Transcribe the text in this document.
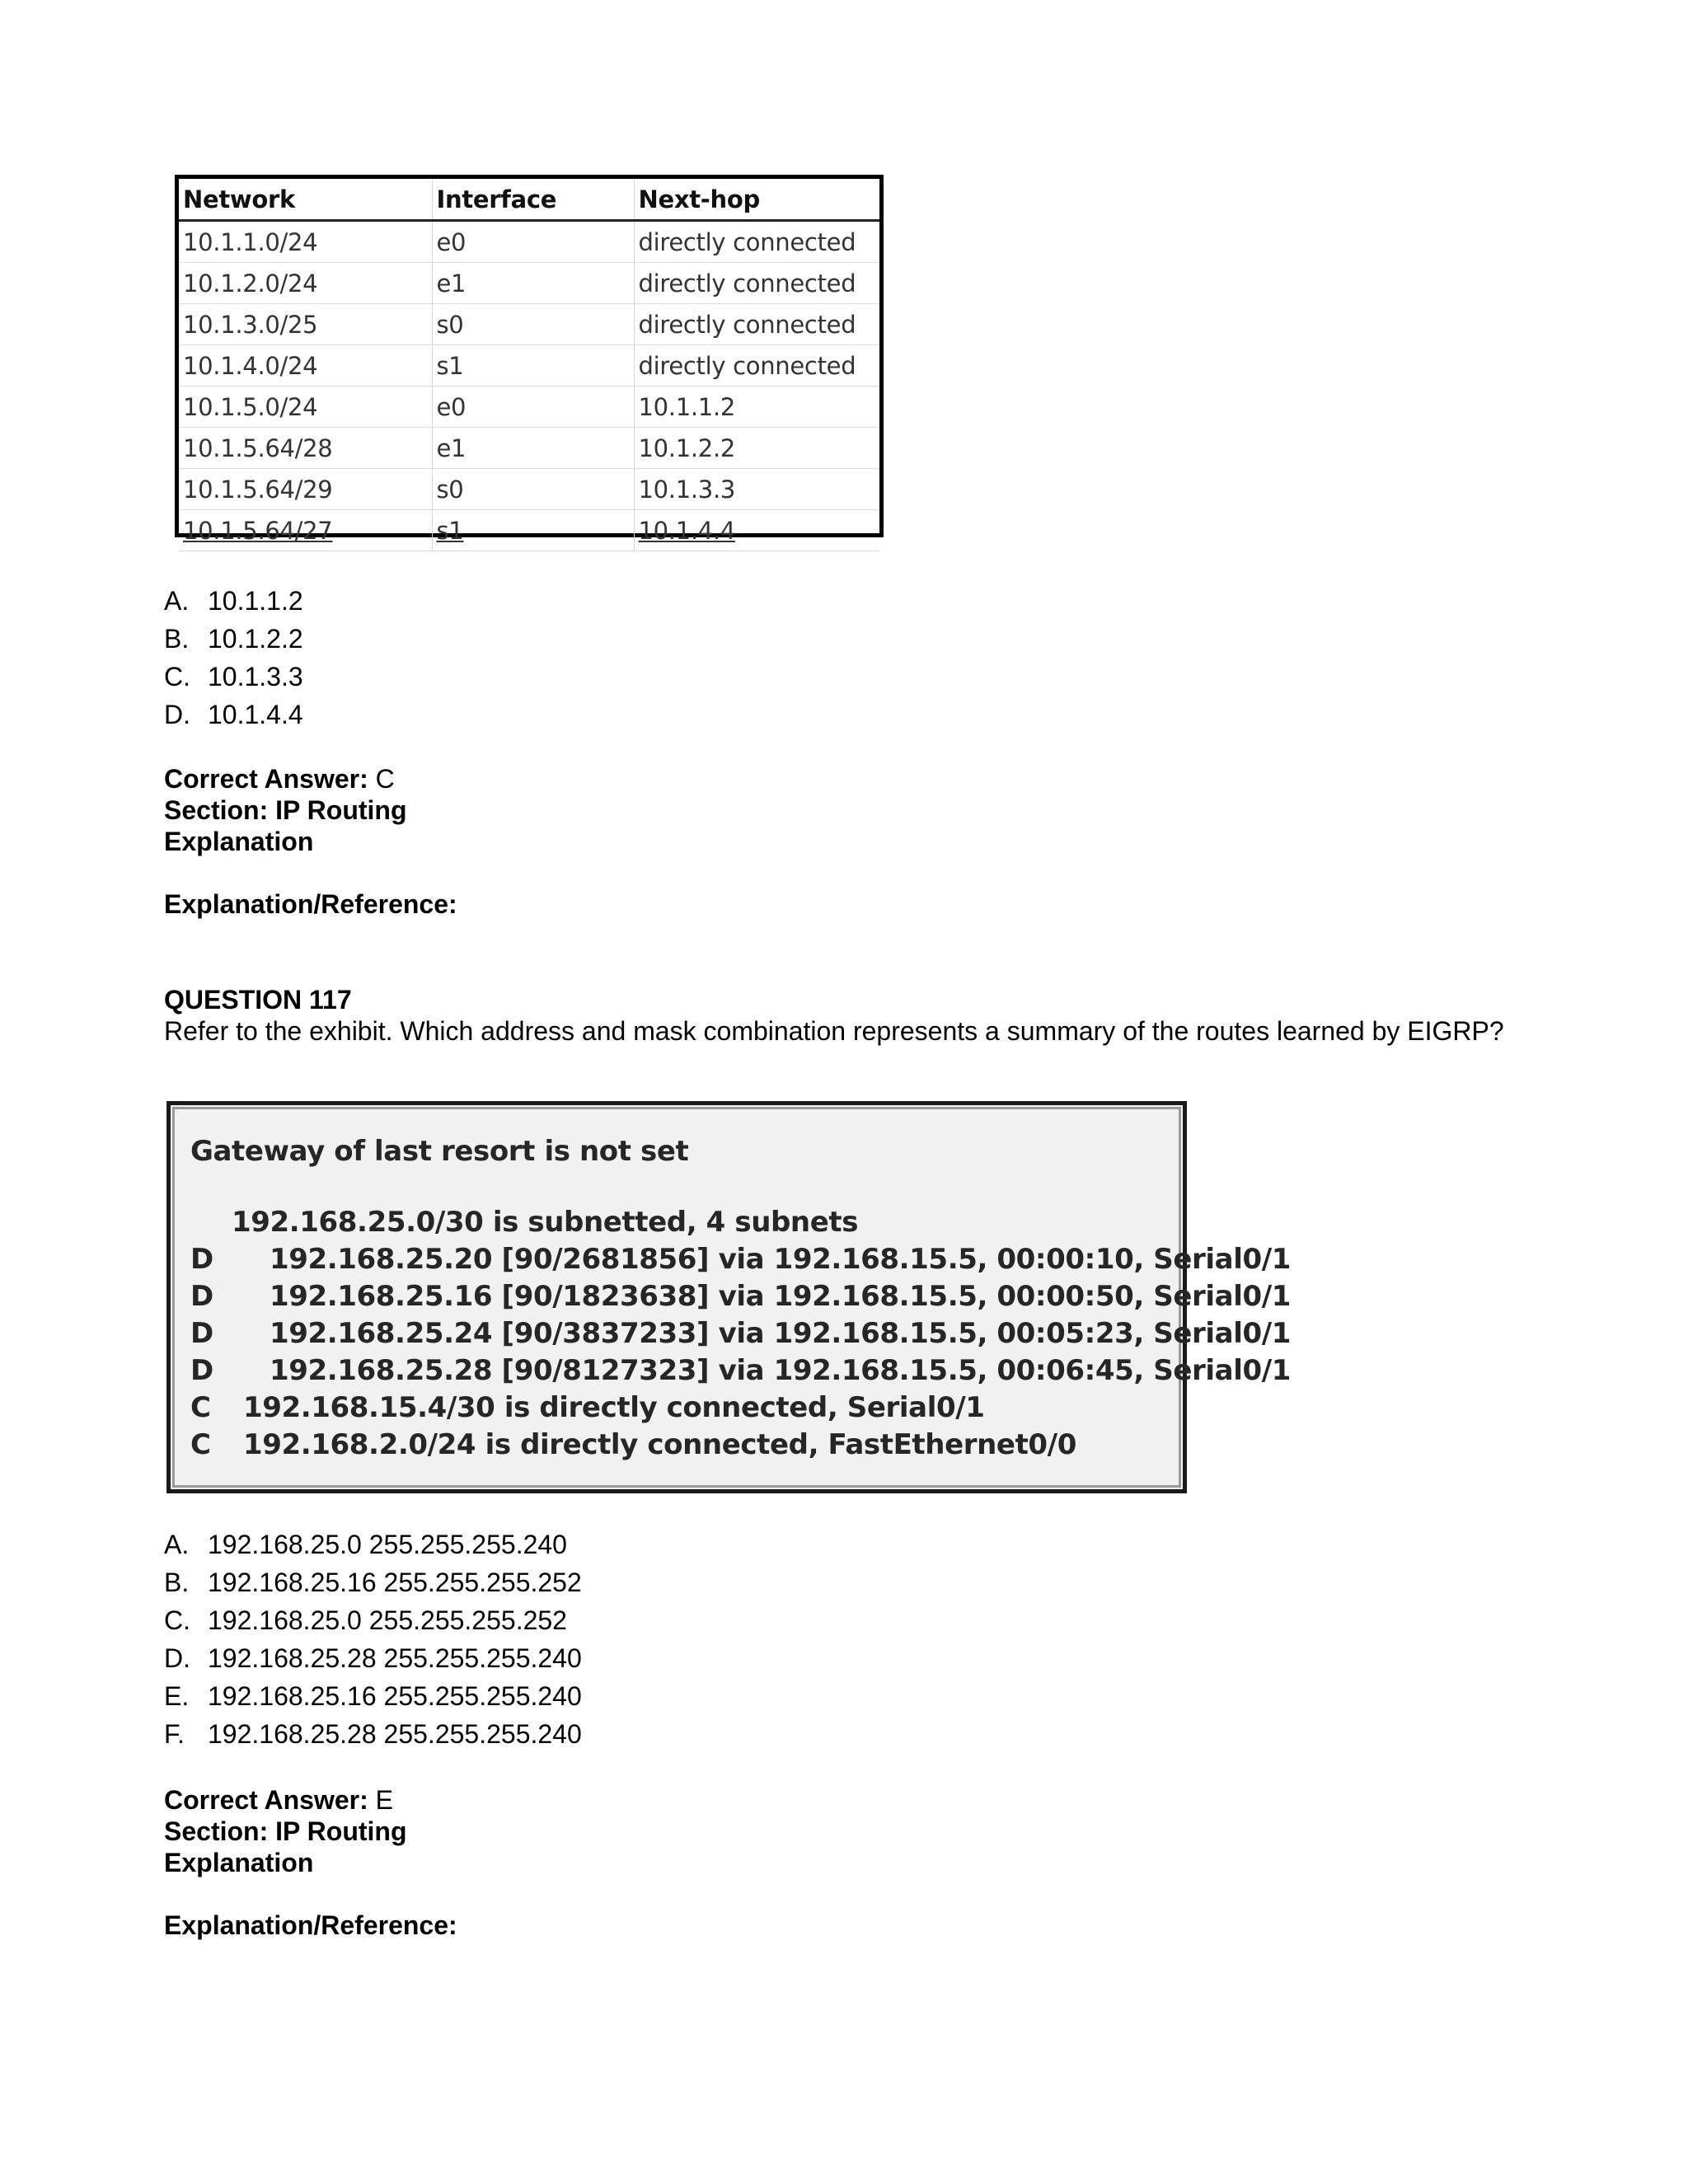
Network	Interface	Next-hop
10.1.1.0/24	e0	directly connected
10.1.2.0/24	e1	directly connected
10.1.3.0/25	s0	directly connected
10.1.4.0/24	s1	directly connected
10.1.5.0/24	e0	10.1.1.2
10.1.5.64/28	e1	10.1.2.2
10.1.5.64/29	s0	10.1.3.3
10.1.5.64/27	s1	10.1.4.4
A. 10.1.1.2
B. 10.1.2.2
C. 10.1.3.3
D. 10.1.4.4
Correct Answer: C
Section: IP Routing
Explanation
Explanation/Reference:
QUESTION 117
Refer to the exhibit. Which address and mask combination represents a summary of the routes learned by EIGRP?
Gateway of last resort is not set
192.168.25.0/30 is subnetted, 4 subnets
D 192.168.25.20 [90/2681856] via 192.168.15.5, 00:00:10, Serial0/1
D 192.168.25.16 [90/1823638] via 192.168.15.5, 00:00:50, Serial0/1
D 192.168.25.24 [90/3837233] via 192.168.15.5, 00:05:23, Serial0/1
D 192.168.25.28 [90/8127323] via 192.168.15.5, 00:06:45, Serial0/1
C 192.168.15.4/30 is directly connected, Serial0/1
C 192.168.2.0/24 is directly connected, FastEthernet0/0
A. 192.168.25.0 255.255.255.240
B. 192.168.25.16 255.255.255.252
C. 192.168.25.0 255.255.255.252
D. 192.168.25.28 255.255.255.240
E. 192.168.25.16 255.255.255.240
F. 192.168.25.28 255.255.255.240
Correct Answer: E
Section: IP Routing
Explanation
Explanation/Reference:
